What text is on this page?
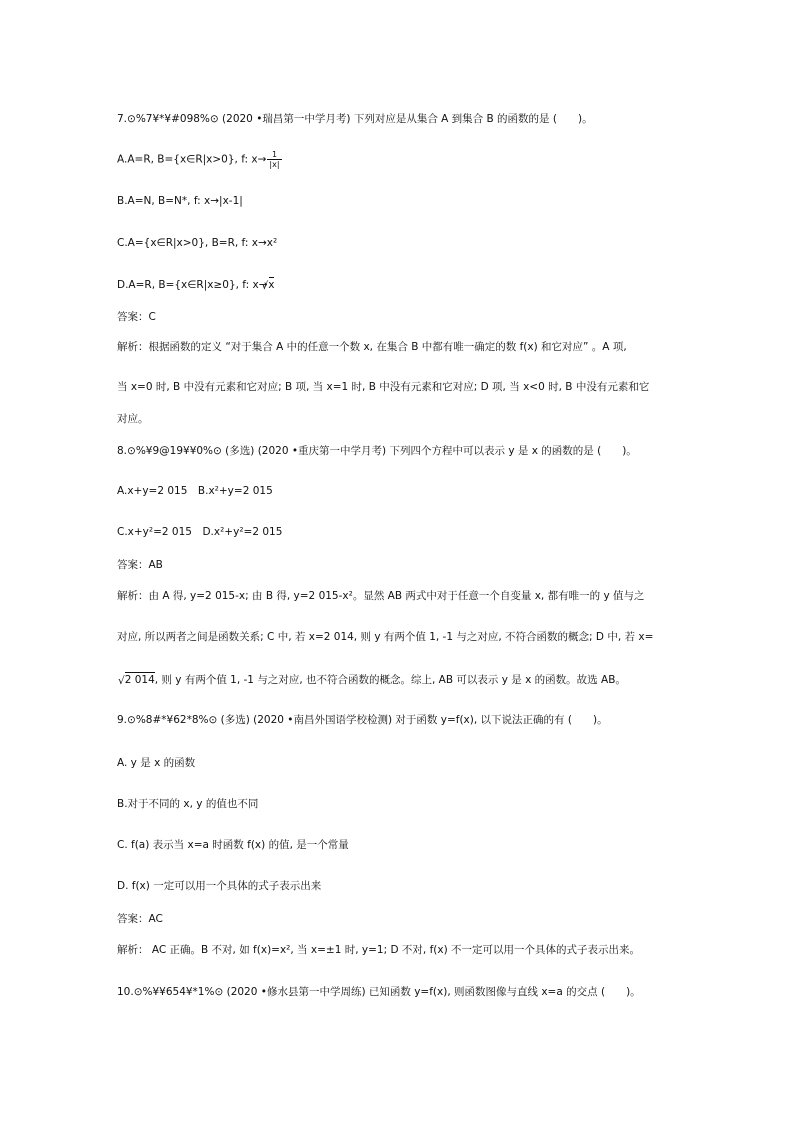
7.⊙%7¥*¥#098%⊙ (2020 •瑞昌第一中学月考) 下列对应是从集合 A 到集合 B 的函数的是 (　　)。
A.A=R, B={x∈R|x>0}, f: $x\to \frac{1}{|x|}$
B.A=N, B=N*, f: x→|x-1|
C.A={x∈R|x>0}, B=R, f: x→x²
D.A=R, B={x∈R|x≥0}, f: x→√ x
答案：C
解析：根据函数的定义 “对于集合 A 中的任意一个数 x, 在集合 B 中都有唯一确定的数 f(x) 和它对应” 。A 项,
当 x=0 时, B 中没有元素和它对应; B 项, 当 x=1 时, B 中没有元素和它对应; D 项, 当 x<0 时, B 中没有元素和它
对应。
8.⊙%¥9@19¥¥0%⊙ (多选) (2020 •重庆第一中学月考) 下列四个方程中可以表示 y 是 x 的函数的是 (　　)。
A.x+y=2 015　B.x²+y=2 015
C.x+y²=2 015　D.x²+y²=2 015
答案：AB
解析：由 A 得, y=2 015-x; 由 B 得, y=2 015-x²。显然 AB 两式中对于任意一个自变量 x, 都有唯一的 y 值与之
对应, 所以两者之间是函数关系; C 中, 若 x=2 014, 则 y 有两个值 1, -1 与之对应, 不符合函数的概念; D 中, 若 x=
√ 2 014, 则 y 有两个值 1, -1 与之对应, 也不符合函数的概念。综上, AB 可以表示 y 是 x 的函数。故选 AB。
9.⊙%8#*¥62*8%⊙ (多选) (2020 •南昌外国语学校检测) 对于函数 y=f(x), 以下说法正确的有 (　　)。
A. y 是 x 的函数
B.对于不同的 x, y 的值也不同
C. f(a) 表示当 x=a 时函数 f(x) 的值, 是一个常量
D. f(x) 一定可以用一个具体的式子表示出来
答案：AC
解析： AC 正确。B 不对, 如 f(x)=x², 当 x=±1 时, y=1; D 不对, f(x) 不一定可以用一个具体的式子表示出来。
10.⊙%¥¥654¥*1%⊙ (2020 •修水县第一中学周练) 已知函数 y=f(x), 则函数图像与直线 x=a 的交点 (　　)。
